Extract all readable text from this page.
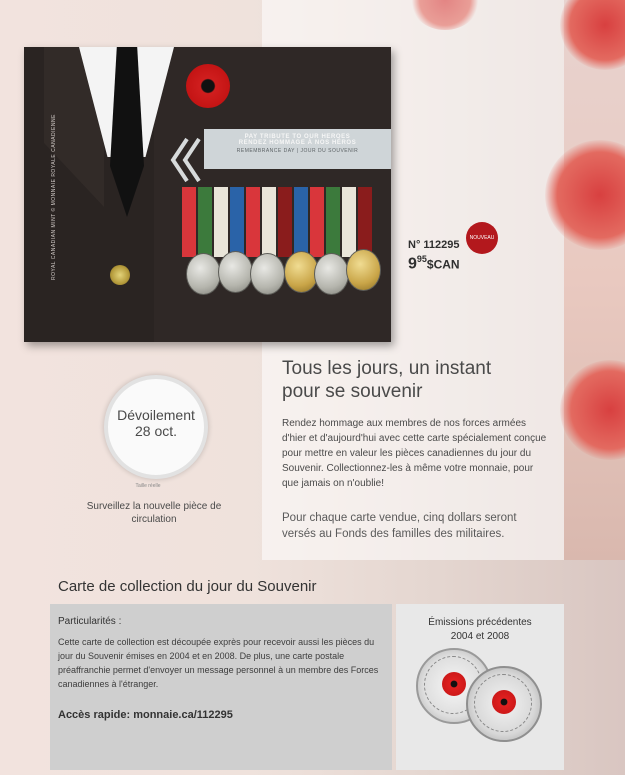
ROYAL CANADIAN MINT © MONNAIE ROYALE CANADIENNE	PAY TRIBUTE TO OUR HEROES
RENDEZ HOMMAGE À NOS HÉROS
REMEMBRANCE DAY | JOUR DU SOUVENIR
NOUVEAU
N° 112295
$9^{95}\$CAN$
Tous les jours, un instant
pour se souvenir
Rendez hommage aux membres de nos forces armées d'hier et d'aujourd'hui avec cette carte spécialement conçue pour mettre en valeur les pièces canadiennes du jour du Souvenir. Collectionnez-les à même votre monnaie, pour que jamais on n'oublie!
Pour chaque carte vendue, cinq dollars seront versés au Fonds des familles des militaires.
Dévoilement
28 oct.
Taille réelle
Surveillez la nouvelle pièce de circulation
Carte de collection du jour du Souvenir
Particularités :
Cette carte de collection est découpée exprès pour recevoir aussi les pièces du jour du Souvenir émises en 2004 et en 2008. De plus, une carte postale préaffranchie permet d'envoyer un message personnel à un membre des Forces canadiennes à l'étranger.
Accès rapide: monnaie.ca/112295
Émissions précédentes
2004 et 2008
